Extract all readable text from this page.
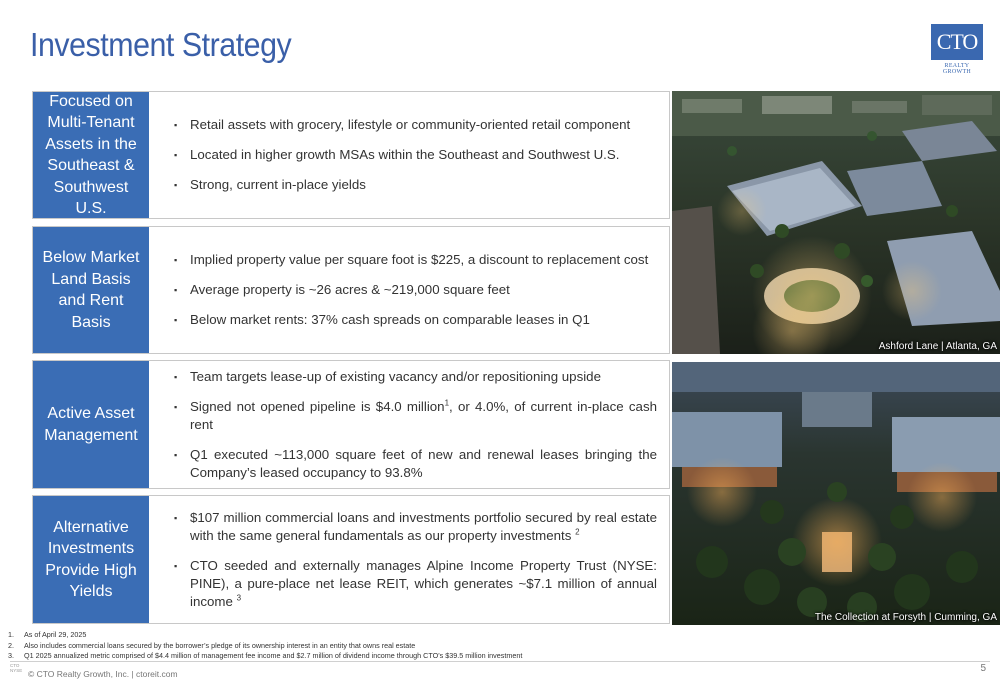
Investment Strategy	CTO
REALTY GROWTH
Focused on Multi-Tenant Assets in the Southeast & Southwest U.S.
▪ Retail assets with grocery, lifestyle or community-oriented retail component
▪ Located in higher growth MSAs within the Southeast and Southwest U.S.
▪ Strong, current in-place yields
Below Market Land Basis and Rent Basis
▪ Implied property value per square foot is $225, a discount to replacement cost
▪ Average property is ~26 acres & ~219,000 square feet
▪ Below market rents: 37% cash spreads on comparable leases in Q1
Active Asset Management
▪ Team targets lease-up of existing vacancy and/or repositioning upside
▪ Signed not opened pipeline is $4.0 million$^1$, or 4.0%, of current in-place cash rent
▪ Q1 executed ~113,000 square feet of new and renewal leases bringing the Company’s leased occupancy to 93.8%
Alternative Investments Provide High Yields
▪ $107 million commercial loans and investments portfolio secured by real estate with the same general fundamentals as our property investments $^2$
▪ CTO seeded and externally manages Alpine Income Property Trust (NYSE: PINE), a pure-place net lease REIT, which generates ~$7.1 million of annual income $^3$
Ashford Lane | Atlanta, GA
The Collection at Forsyth | Cumming, GA
1.	As of April 29, 2025
2.	Also includes commercial loans secured by the borrower’s pledge of its ownership interest in an entity that owns real estate
3.	Q1 2025 annualized metric comprised of $4.4 million of management fee income and $2.7 million of dividend income through CTO’s $39.5 million investment
CTO NYSE © CTO Realty Growth, Inc. | ctoreit.com	5
